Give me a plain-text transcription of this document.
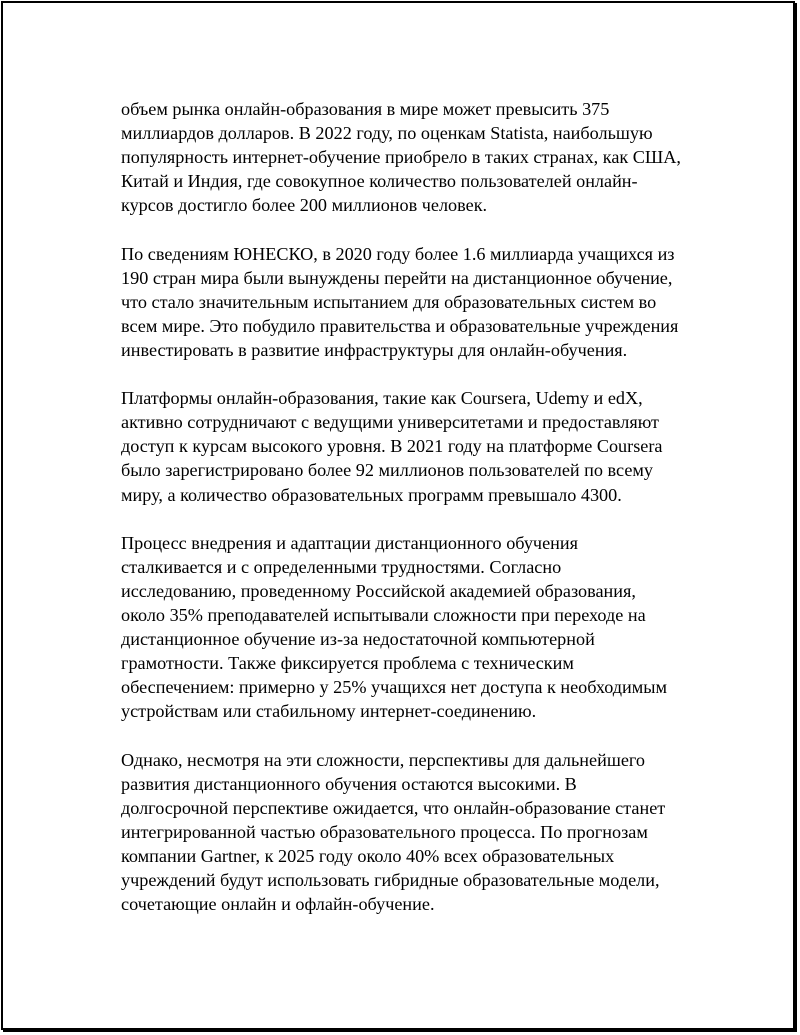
объем рынка онлайн-образования в мире может превысить 375
миллиардов долларов. В 2022 году, по оценкам Statista, наибольшую
популярность интернет-обучение приобрело в таких странах, как США,
Китай и Индия, где совокупное количество пользователей онлайн-
курсов достигло более 200 миллионов человек.

По сведениям ЮНЕСКО, в 2020 году более 1.6 миллиарда учащихся из
190 стран мира были вынуждены перейти на дистанционное обучение,
что стало значительным испытанием для образовательных систем во
всем мире. Это побудило правительства и образовательные учреждения
инвестировать в развитие инфраструктуры для онлайн-обучения.

Платформы онлайн-образования, такие как Coursera, Udemy и edX,
активно сотрудничают с ведущими университетами и предоставляют
доступ к курсам высокого уровня. В 2021 году на платформе Coursera
было зарегистрировано более 92 миллионов пользователей по всему
миру, а количество образовательных программ превышало 4300.

Процесс внедрения и адаптации дистанционного обучения
сталкивается и с определенными трудностями. Согласно
исследованию, проведенному Российской академией образования,
около 35% преподавателей испытывали сложности при переходе на
дистанционное обучение из-за недостаточной компьютерной
грамотности. Также фиксируется проблема с техническим
обеспечением: примерно у 25% учащихся нет доступа к необходимым
устройствам или стабильному интернет-соединению.

Однако, несмотря на эти сложности, перспективы для дальнейшего
развития дистанционного обучения остаются высокими. В
долгосрочной перспективе ожидается, что онлайн-образование станет
интегрированной частью образовательного процесса. По прогнозам
компании Gartner, к 2025 году около 40% всех образовательных
учреждений будут использовать гибридные образовательные модели,
сочетающие онлайн и офлайн-обучение.
